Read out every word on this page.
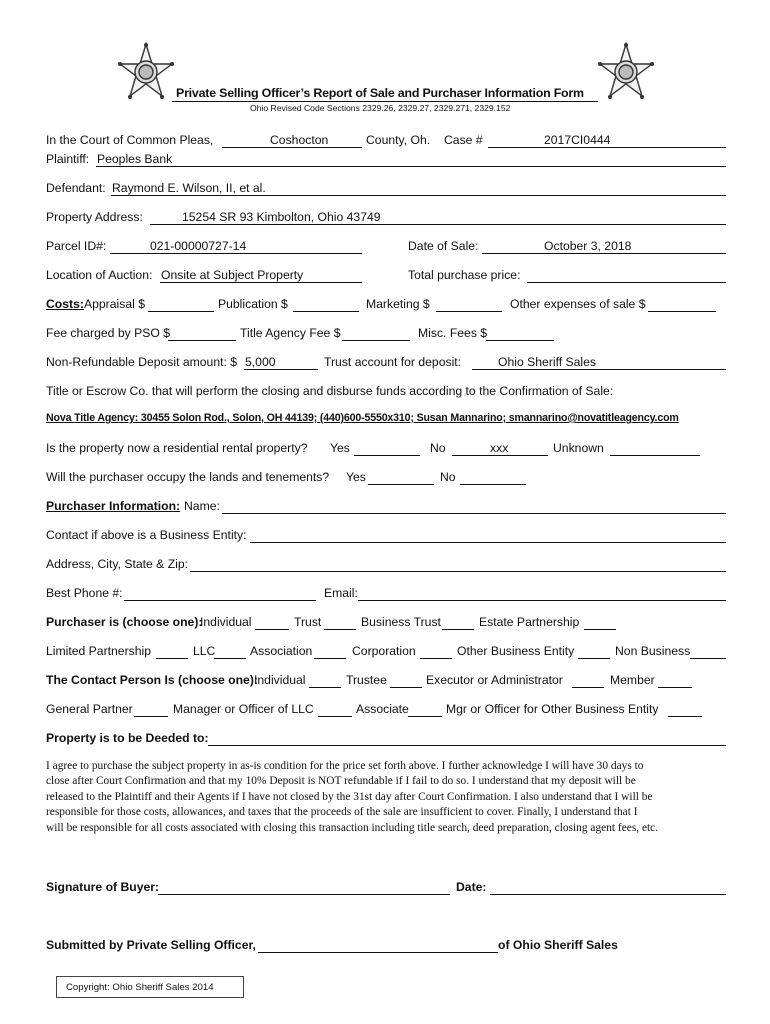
Private Selling Officer’s Report of Sale and Purchaser Information Form
Ohio Revised Code Sections 2329.26, 2329.27, 2329.271, 2329.152
In the Court of Common Pleas,	Coshocton	County, Oh. Case #	2017CI0444
Plaintiff: Peoples Bank
Defendant: Raymond E. Wilson, II, et al.
Property Address:	15254 SR 93 Kimbolton, Ohio 43749
Parcel ID#:	021-00000727-14	Date of Sale:	October 3, 2018
Location of Auction: Onsite at Subject Property	Total purchase price:
Costs: Appraisal $	Publication $	Marketing $	Other expenses of sale $
Fee charged by PSO $	Title Agency Fee $	Misc. Fees $
Non-Refundable Deposit amount: $ 5,000	Trust account for deposit:	Ohio Sheriff Sales
Title or Escrow Co. that will perform the closing and disburse funds according to the Confirmation of Sale:
Nova Title Agency: 30455 Solon Rod., Solon, OH 44139; (440)600-5550x310; Susan Mannarino; smannarino@novatitleagency.com
Is the property now a residential rental property? Yes	No	xxx	Unknown
Will the purchaser occupy the lands and tenements? Yes	No
Purchaser Information: Name:
Contact if above is a Business Entity:
Address, City, State & Zip:
Best Phone #:	Email:
Purchaser is (choose one):
Individual	Trust	Business Trust	Estate Partnership
Limited Partnership	LLC	Association	Corporation	Other Business Entity	Non Business
The Contact Person Is (choose one):
Individual	Trustee	Executor or Administrator	Member
General Partner	Manager or Officer of LLC	Associate	Mgr or Officer for Other Business Entity
Property is to be Deeded to:
I agree to purchase the subject property in as-is condition for the price set forth above. I further acknowledge I will have 30 days to
close after Court Confirmation and that my 10% Deposit is NOT refundable if I fail to do so. I understand that my deposit will be
released to the Plaintiff and their Agents if I have not closed by the 31st day after Court Confirmation. I also understand that I will be
responsible for those costs, allowances, and taxes that the proceeds of the sale are insufficient to cover. Finally, I understand that I
will be responsible for all costs associated with closing this transaction including title search, deed preparation, closing agent fees, etc.
Signature of Buyer:	Date:
Submitted by Private Selling Officer,	of Ohio Sheriff Sales
Copyright: Ohio Sheriff Sales 2014
